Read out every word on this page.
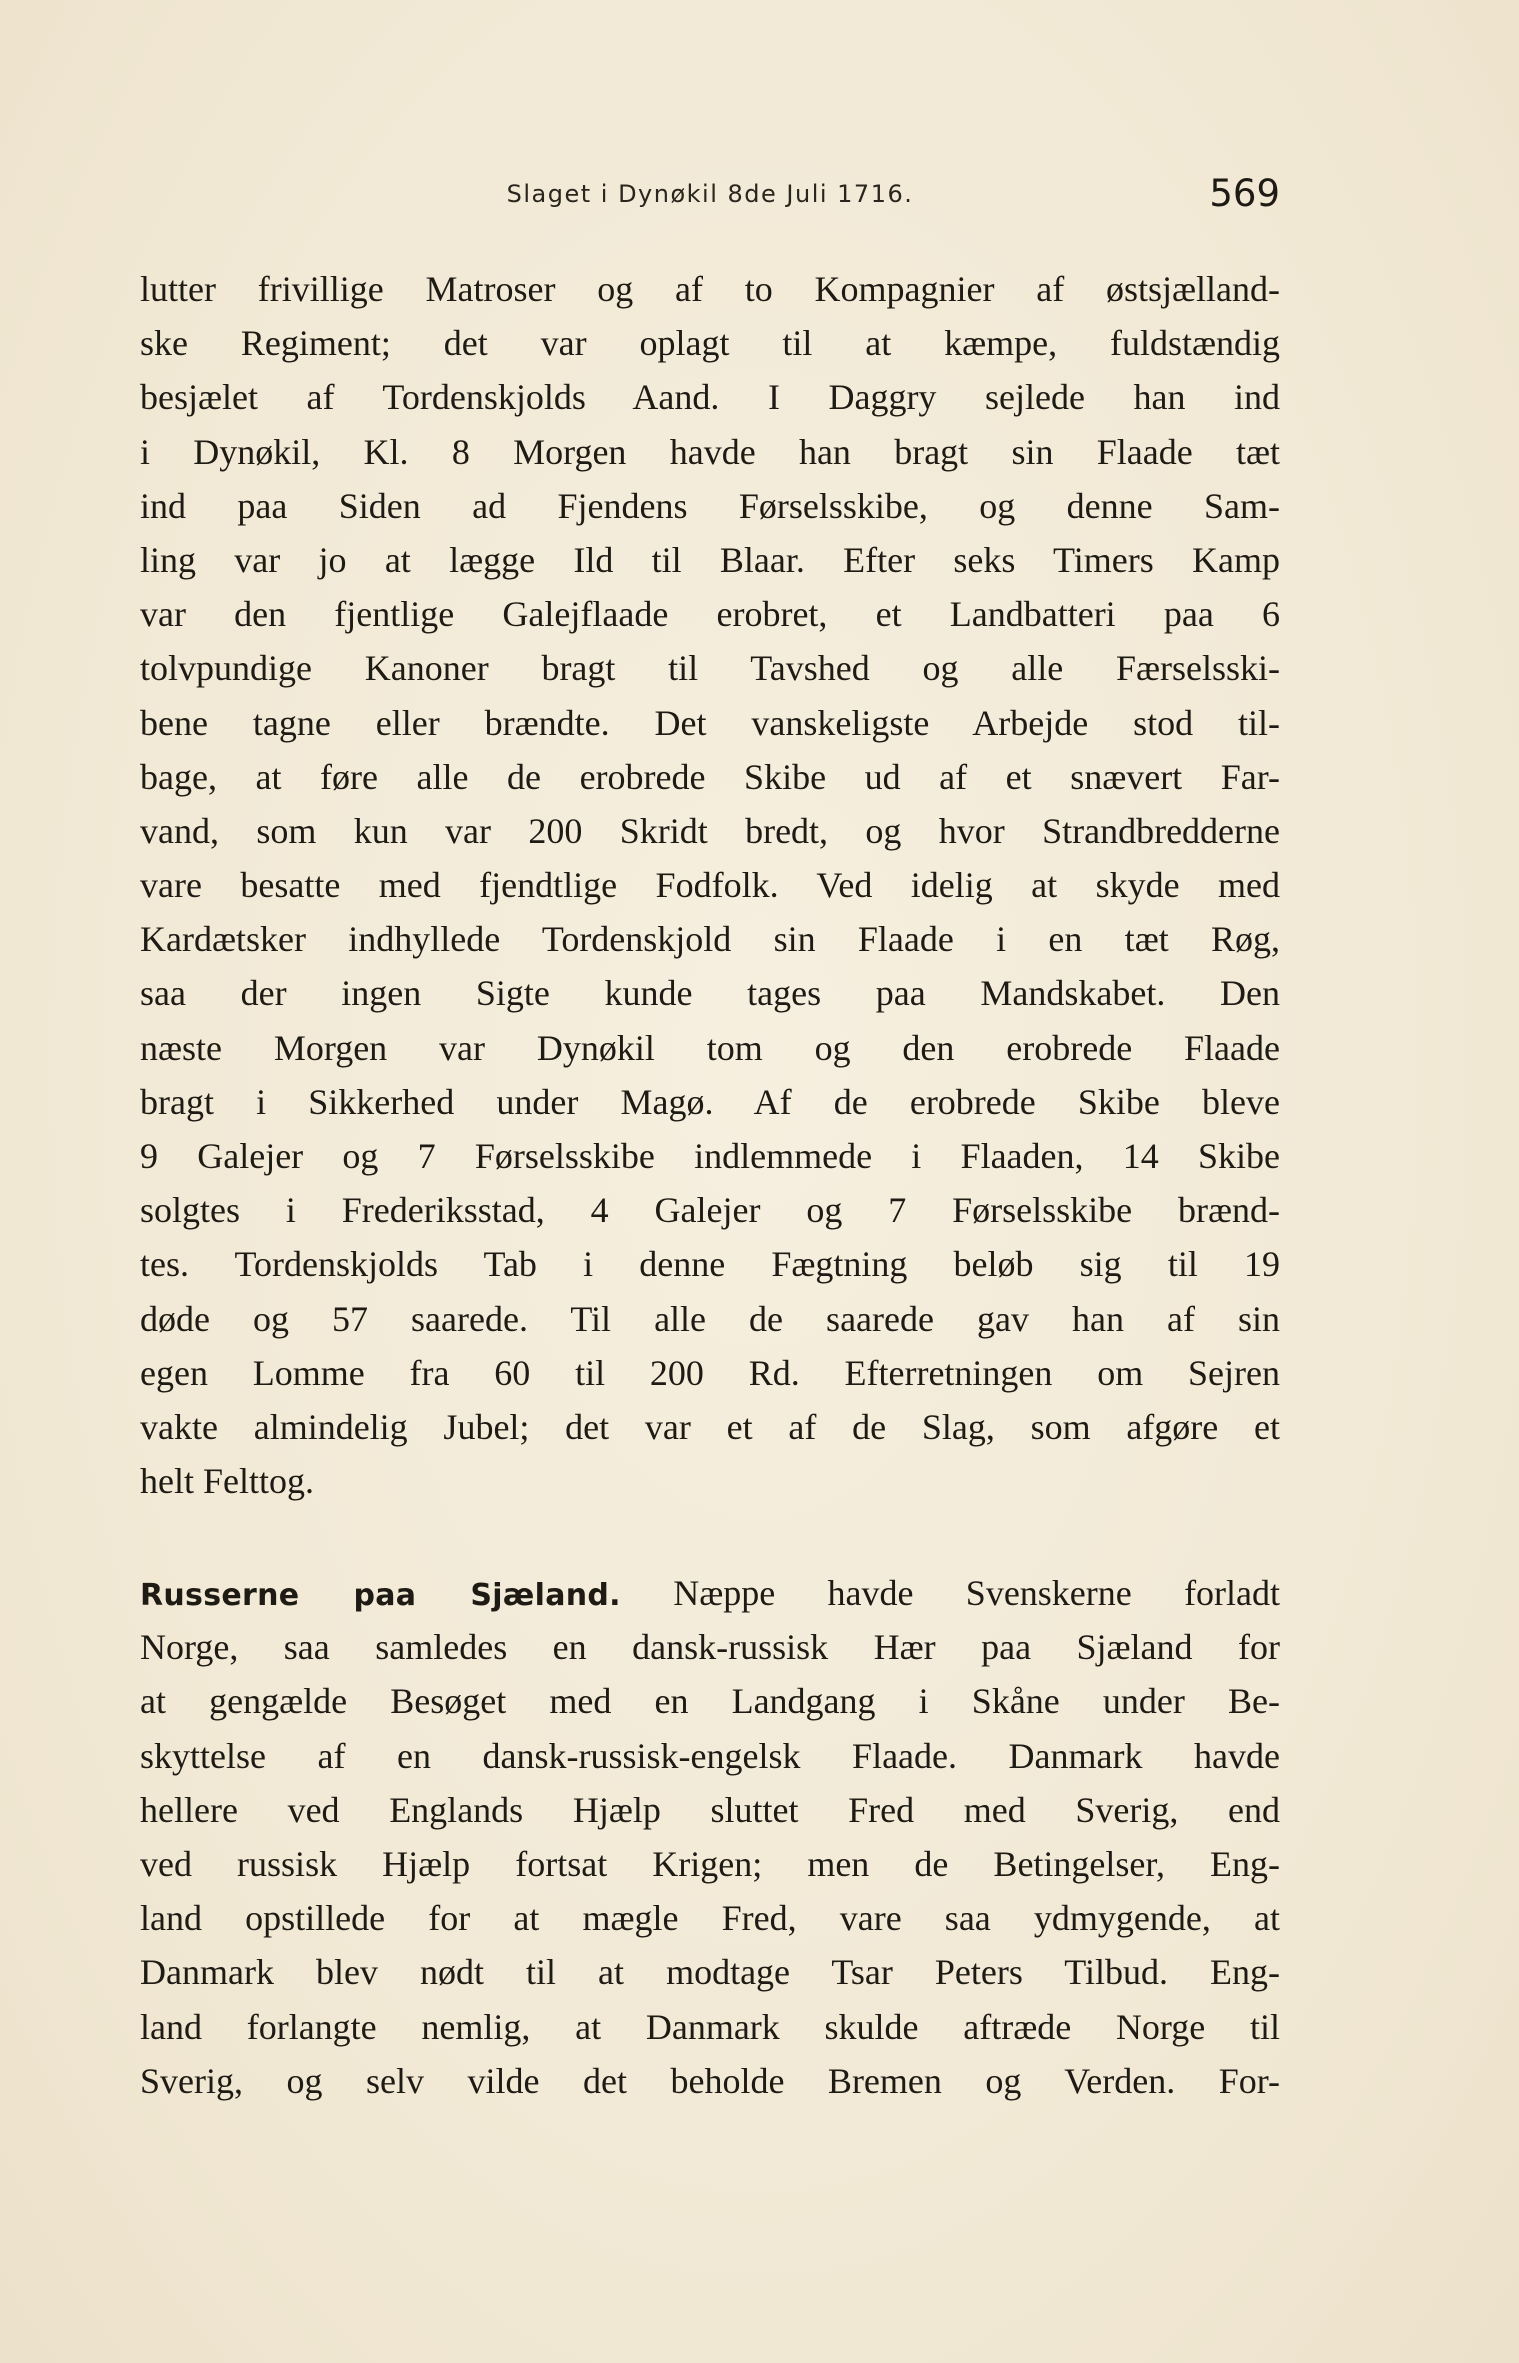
Slaget i Dynøkil 8de Juli 1716.	569
lutter frivillige Matroser og af to Kompagnier af østsjælland-
ske Regiment; det var oplagt til at kæmpe, fuldstændig
besjælet af Tordenskjolds Aand. I Daggry sejlede han ind
i Dynøkil, Kl. 8 Morgen havde han bragt sin Flaade tæt
ind paa Siden ad Fjendens Førselsskibe, og denne Sam-
ling var jo at lægge Ild til Blaar. Efter seks Timers Kamp
var den fjentlige Galejflaade erobret, et Landbatteri paa 6
tolvpundige Kanoner bragt til Tavshed og alle Færselsski-
bene tagne eller brændte. Det vanskeligste Arbejde stod til-
bage, at føre alle de erobrede Skibe ud af et snævert Far-
vand, som kun var 200 Skridt bredt, og hvor Strandbredderne
vare besatte med fjendtlige Fodfolk. Ved idelig at skyde med
Kardætsker indhyllede Tordenskjold sin Flaade i en tæt Røg,
saa der ingen Sigte kunde tages paa Mandskabet. Den
næste Morgen var Dynøkil tom og den erobrede Flaade
bragt i Sikkerhed under Magø. Af de erobrede Skibe bleve
9 Galejer og 7 Førselsskibe indlemmede i Flaaden, 14 Skibe
solgtes i Frederiksstad, 4 Galejer og 7 Førselsskibe brænd-
tes. Tordenskjolds Tab i denne Fægtning beløb sig til 19
døde og 57 saarede. Til alle de saarede gav han af sin
egen Lomme fra 60 til 200 Rd. Efterretningen om Sejren
vakte almindelig Jubel; det var et af de Slag, som afgøre et
helt Felttog.
Russerne paa Sjæland. Næppe havde Svenskerne forladt
Norge, saa samledes en dansk-russisk Hær paa Sjæland for
at gengælde Besøget med en Landgang i Skåne under Be-
skyttelse af en dansk-russisk-engelsk Flaade. Danmark havde
hellere ved Englands Hjælp sluttet Fred med Sverig, end
ved russisk Hjælp fortsat Krigen; men de Betingelser, Eng-
land opstillede for at mægle Fred, vare saa ydmygende, at
Danmark blev nødt til at modtage Tsar Peters Tilbud. Eng-
land forlangte nemlig, at Danmark skulde aftræde Norge til
Sverig, og selv vilde det beholde Bremen og Verden. For-
